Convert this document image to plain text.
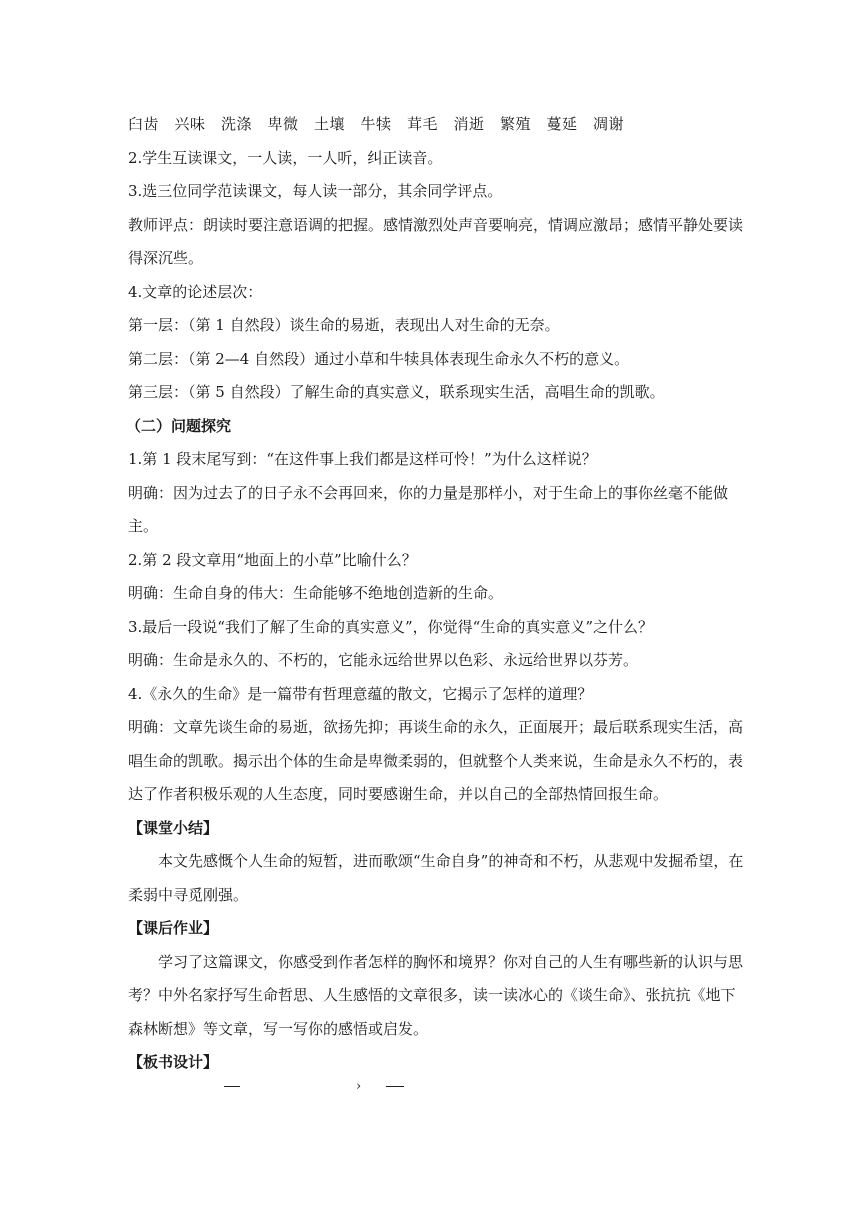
臼齿　兴味　洗涤　卑微　土壤　牛犊　茸毛　消逝　繁殖　蔓延　凋谢

2.学生互读课文，一人读，一人听，纠正读音。

3.选三位同学范读课文，每人读一部分，其余同学评点。

教师评点：朗读时要注意语调的把握。感情激烈处声音要响亮，情调应激昂；感情平静处要读得深沉些。

4.文章的论述层次：

第一层：（第 1 自然段）谈生命的易逝，表现出人对生命的无奈。

第二层：（第 2—4 自然段）通过小草和牛犊具体表现生命永久不朽的意义。

第三层：（第 5 自然段）了解生命的真实意义，联系现实生活，高唱生命的凯歌。

（二）问题探究

1.第 1 段末尾写到：“在这件事上我们都是这样可怜！”为什么这样说？

明确：因为过去了的日子永不会再回来，你的力量是那样小，对于生命上的事你丝毫不能做主。

2.第 2 段文章用“地面上的小草”比喻什么？

明确：生命自身的伟大：生命能够不绝地创造新的生命。

3.最后一段说“我们了解了生命的真实意义”，你觉得“生命的真实意义”之什么？

明确：生命是永久的、不朽的，它能永远给世界以色彩、永远给世界以芬芳。

4.《永久的生命》是一篇带有哲理意蕴的散文，它揭示了怎样的道理？

明确：文章先谈生命的易逝，欲扬先抑；再谈生命的永久，正面展开；最后联系现实生活，高唱生命的凯歌。揭示出个体的生命是卑微柔弱的，但就整个人类来说，生命是永久不朽的，表达了作者积极乐观的人生态度，同时要感谢生命，并以自己的全部热情回报生命。

【课堂小结】

本文先感慨个人生命的短暂，进而歌颂“生命自身”的神奇和不朽，从悲观中发掘希望，在柔弱中寻觅刚强。

【课后作业】

学习了这篇课文，你感受到作者怎样的胸怀和境界？你对自己的人生有哪些新的认识与思考？中外名家抒写生命哲思、人生感悟的文章很多，读一读冰心的《谈生命》、张抗抗《地下森林断想》等文章，写一写你的感悟或启发。

【板书设计】

›
